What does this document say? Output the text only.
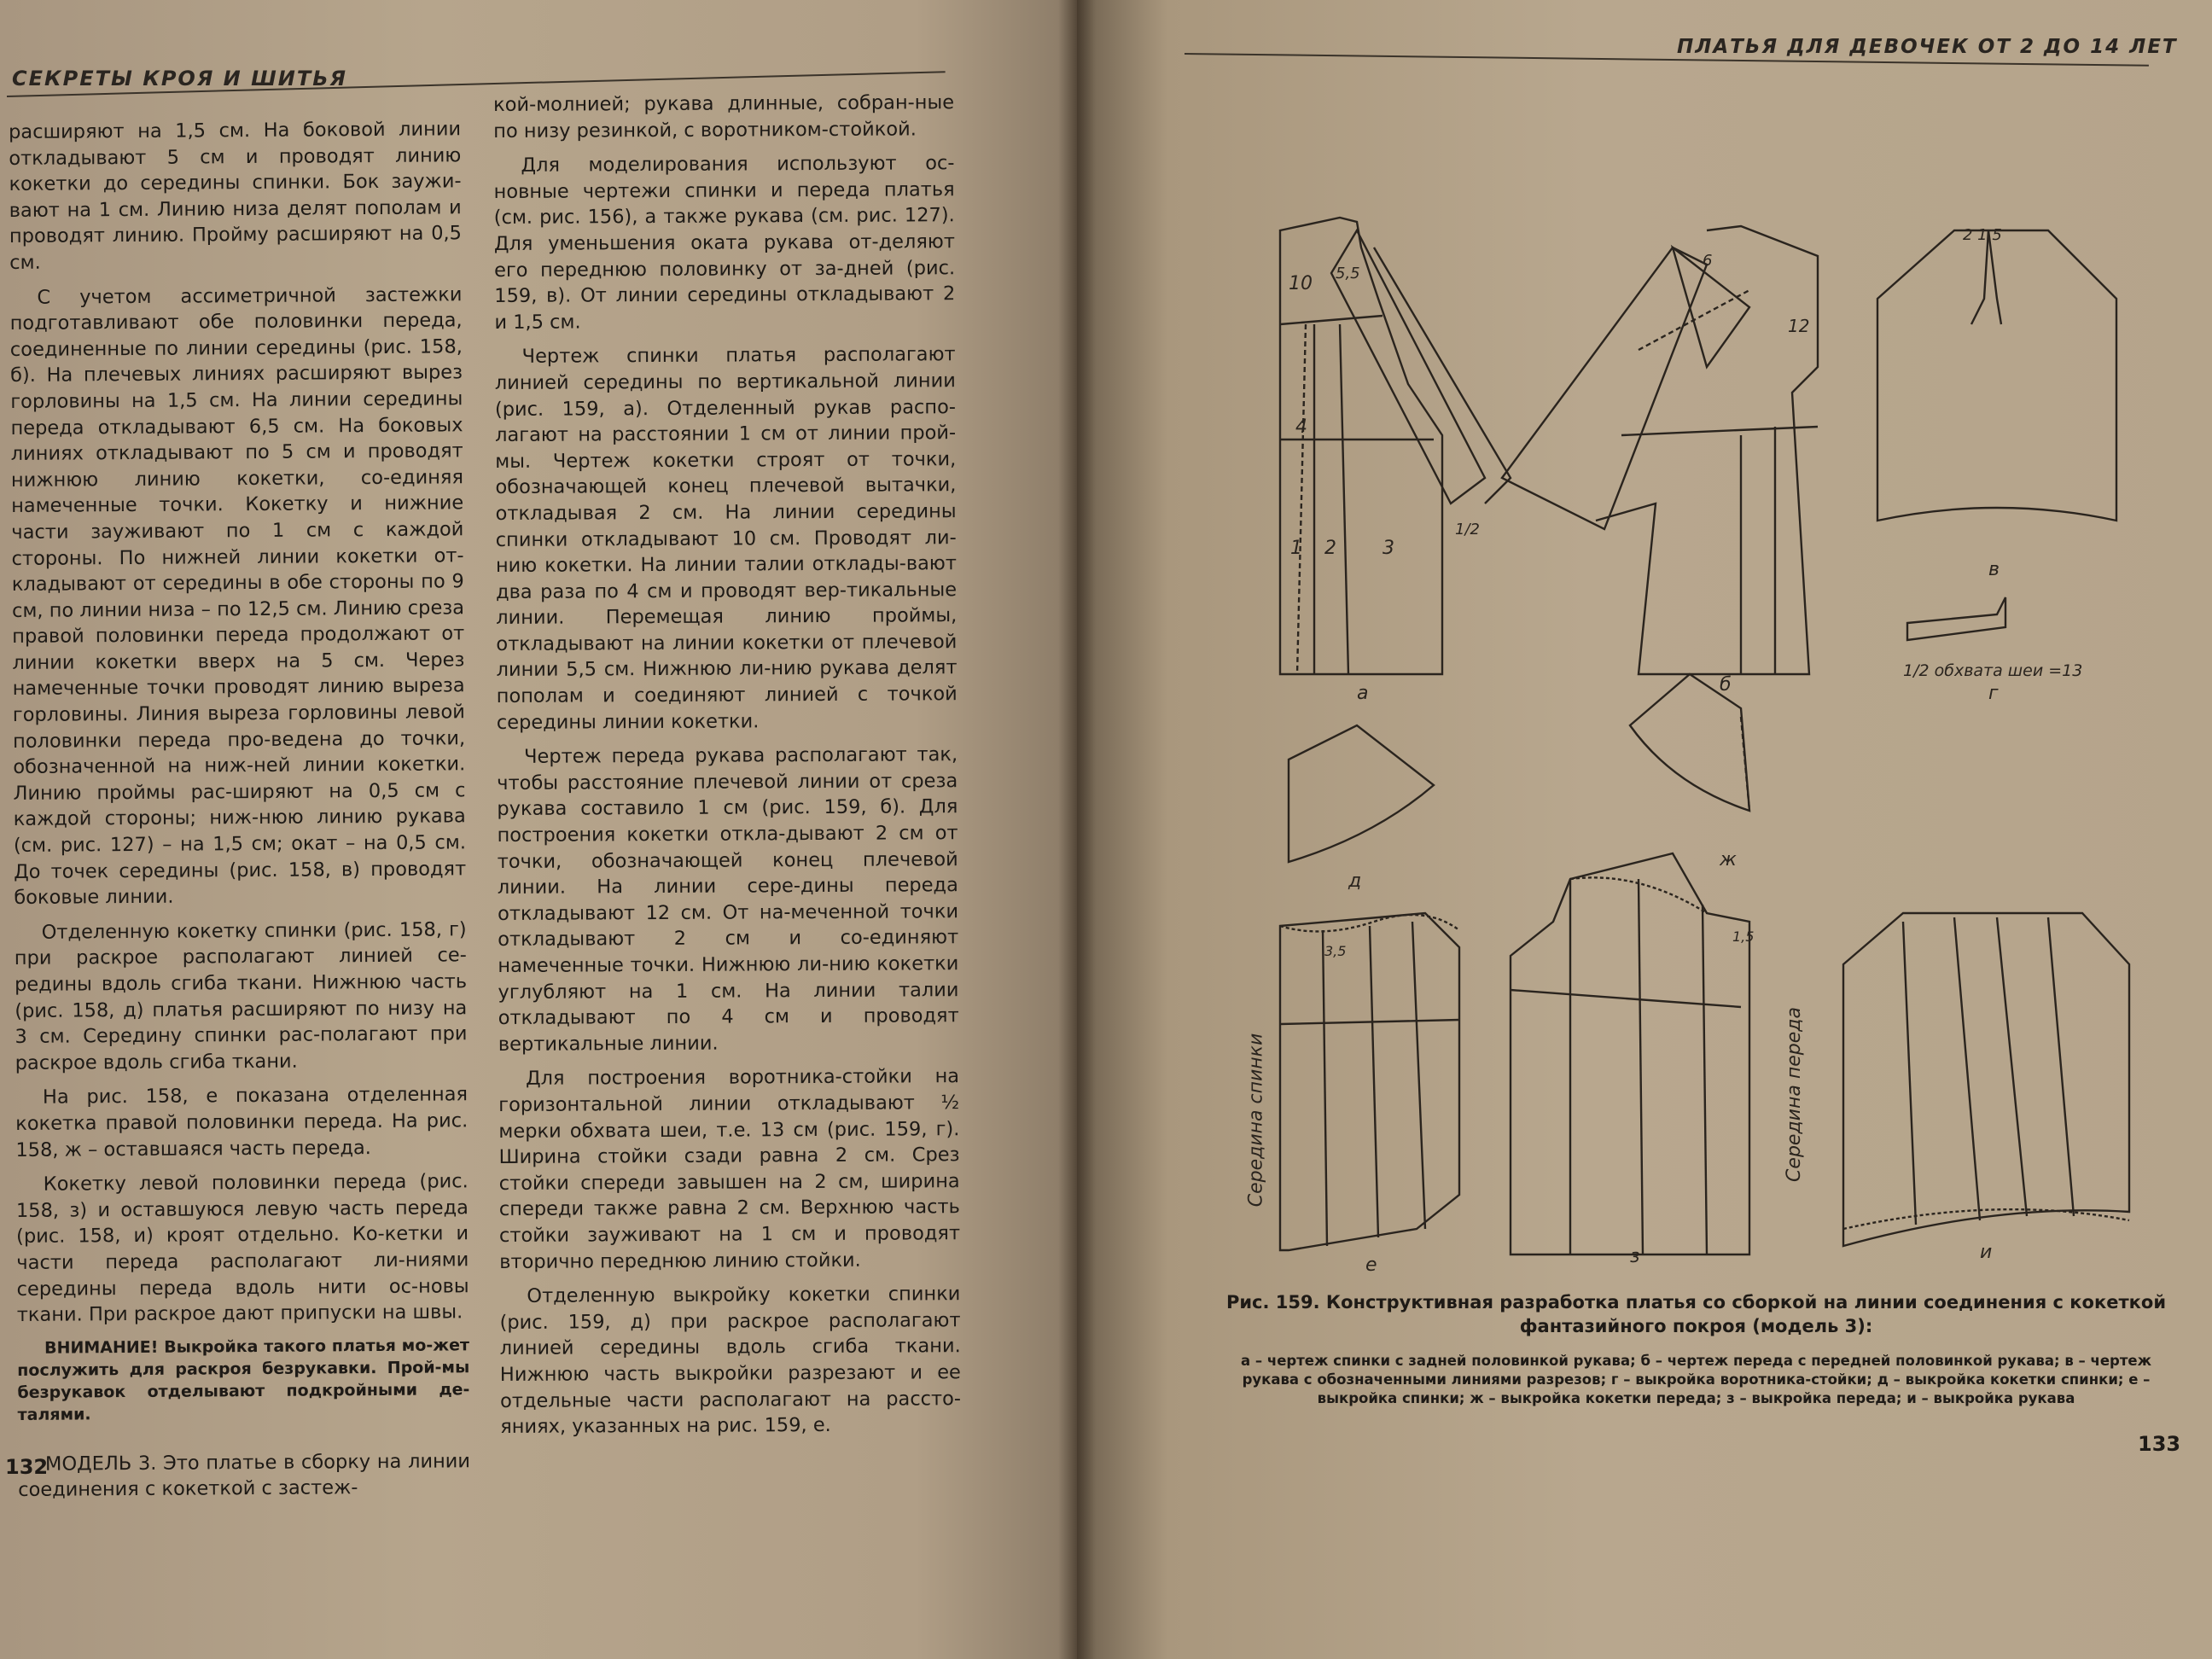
СЕКРЕТЫ КРОЯ И ШИТЬЯ

расширяют на 1,5 см. На боковой линии откладывают 5 см и проводят линию кокетки до середины спинки. Бок заужи-вают на 1 см. Линию низа делят пополам и проводят линию. Пройму расширяют на 0,5 см.

С учетом ассиметричной застежки подготавливают обе половинки переда, соединенные по линии середины (рис. 158, б). На плечевых линиях расширяют вырез горловины на 1,5 см. На линии середины переда откладывают 6,5 см. На боковых линиях откладывают по 5 см и проводят нижнюю линию кокетки, со-единяя намеченные точки. Кокетку и нижние части зауживают по 1 см с каждой стороны. По нижней линии кокетки от-кладывают от середины в обе стороны по 9 см, по линии низа – по 12,5 см. Линию среза правой половинки переда продолжают от линии кокетки вверх на 5 см. Через намеченные точки проводят линию выреза горловины. Линия выреза горловины левой половинки переда про-ведена до точки, обозначенной на ниж-ней линии кокетки. Линию проймы рас-ширяют на 0,5 см с каждой стороны; ниж-нюю линию рукава (см. рис. 127) – на 1,5 см; окат – на 0,5 см. До точек середины (рис. 158, в) проводят боковые линии.

Отделенную кокетку спинки (рис. 158, г) при раскрое располагают линией се-редины вдоль сгиба ткани. Нижнюю часть (рис. 158, д) платья расширяют по низу на 3 см. Середину спинки рас-полагают при раскрое вдоль сгиба ткани.

На рис. 158, е показана отделенная кокетка правой половинки переда. На рис. 158, ж – оставшаяся часть переда.

Кокетку левой половинки переда (рис. 158, з) и оставшуюся левую часть переда (рис. 158, и) кроят отдельно. Ко-кетки и части переда располагают ли-ниями середины переда вдоль нити ос-новы ткани. При раскрое дают припуски на швы.

ВНИМАНИЕ! Выкройка такого платья мо-жет послужить для раскроя безрукавки. Прой-мы безрукавок отделывают подкройными де-талями.

МОДЕЛЬ 3. Это платье в сборку на линии соединения с кокеткой с застеж-

кой-молнией; рукава длинные, собран-ные по низу резинкой, с воротником-стойкой.

Для моделирования используют ос-новные чертежи спинки и переда платья (см. рис. 156), а также рукава (см. рис. 127). Для уменьшения оката рукава от-деляют его переднюю половинку от за-дней (рис. 159, в). От линии середины откладывают 2 и 1,5 см.

Чертеж спинки платья располагают линией середины по вертикальной линии (рис. 159, а). Отделенный рукав распо-лагают на расстоянии 1 см от линии прой-мы. Чертеж кокетки строят от точки, обозначающей конец плечевой вытачки, откладывая 2 см. На линии середины спинки откладывают 10 см. Проводят ли-нию кокетки. На линии талии отклады-вают два раза по 4 см и проводят вер-тикальные линии. Перемещая линию проймы, откладывают на линии кокетки от плечевой линии 5,5 см. Нижнюю ли-нию рукава делят пополам и соединяют линией с точкой середины линии кокетки.

Чертеж переда рукава располагают так, чтобы расстояние плечевой линии от среза рукава составило 1 см (рис. 159, б). Для построения кокетки откла-дывают 2 см от точки, обозначающей конец плечевой линии. На линии сере-дины переда откладывают 12 см. От на-меченной точки откладывают 2 см и со-единяют намеченные точки. Нижнюю ли-нию кокетки углубляют на 1 см. На линии талии откладывают по 4 см и проводят вертикальные линии.

Для построения воротника-стойки на горизонтальной линии откладывают ½ мерки обхвата шеи, т.е. 13 см (рис. 159, г). Ширина стойки сзади равна 2 см. Срез стойки спереди завышен на 2 см, ширина спереди также равна 2 см. Верхнюю часть стойки зауживают на 1 см и проводят вторично переднюю линию стойки.

Отделенную выкройку кокетки спинки (рис. 159, д) при раскрое располагают линией середины вдоль сгиба ткани. Нижнюю часть выкройки разрезают и ее отдельные части располагают на рассто-яниях, указанных на рис. 159, е.

132
ПЛАТЬЯ ДЛЯ ДЕВОЧЕК ОТ 2 ДО 14 ЛЕТ
10 5,5
4
1 2 3
1/2
12
6
2 1,5
1/2 обхвата шеи =13
3,5
1,5
Середина спинки	Середина переда
а	б
в
г
д
е
ж
з	и
Рис. 159. Конструктивная разработка платья со сборкой на линии соединения с кокеткой фантазийного покроя (модель 3):
а – чертеж спинки с задней половинкой рукава; б – чертеж переда с передней половинкой рукава; в – чертеж рукава с обозначенными линиями разрезов; г – выкройка воротника-стойки; д – выкройка кокетки спинки; е – выкройка спинки; ж – выкройка кокетки переда; з – выкройка переда; и – выкройка рукава
133
